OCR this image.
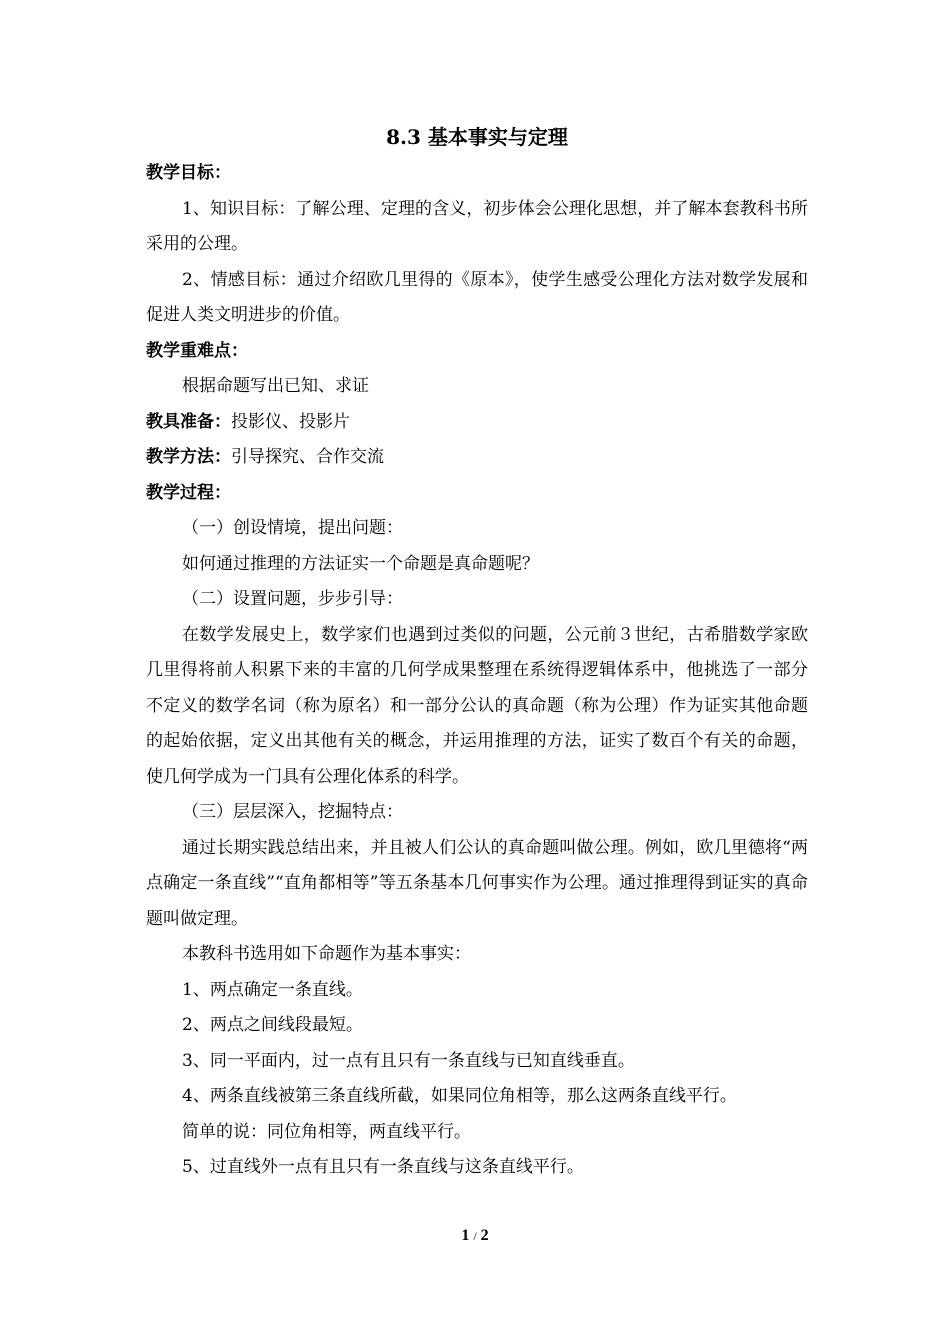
8.3 基本事实与定理

教学目标：

1、知识目标：了解公理、定理的含义，初步体会公理化思想，并了解本套教科书所采用的公理。

2、情感目标：通过介绍欧几里得的《原本》，使学生感受公理化方法对数学发展和促进人类文明进步的价值。

教学重难点：

根据命题写出已知、求证

教具准备：投影仪、投影片

教学方法：引导探究、合作交流

教学过程：

（一）创设情境，提出问题：

如何通过推理的方法证实一个命题是真命题呢？

（二）设置问题，步步引导：

在数学发展史上，数学家们也遇到过类似的问题，公元前３世纪，古希腊数学家欧几里得将前人积累下来的丰富的几何学成果整理在系统得逻辑体系中，他挑选了一部分不定义的数学名词（称为原名）和一部分公认的真命题（称为公理）作为证实其他命题的起始依据，定义出其他有关的概念，并运用推理的方法，证实了数百个有关的命题，使几何学成为一门具有公理化体系的科学。

（三）层层深入，挖掘特点：

通过长期实践总结出来，并且被人们公认的真命题叫做公理。例如，欧几里德将“两点确定一条直线”“直角都相等”等五条基本几何事实作为公理。通过推理得到证实的真命题叫做定理。

本教科书选用如下命题作为基本事实：

1、两点确定一条直线。

2、两点之间线段最短。

3、同一平面内，过一点有且只有一条直线与已知直线垂直。

4、两条直线被第三条直线所截，如果同位角相等，那么这两条直线平行。

简单的说：同位角相等，两直线平行。

5、过直线外一点有且只有一条直线与这条直线平行。

1 / 2
